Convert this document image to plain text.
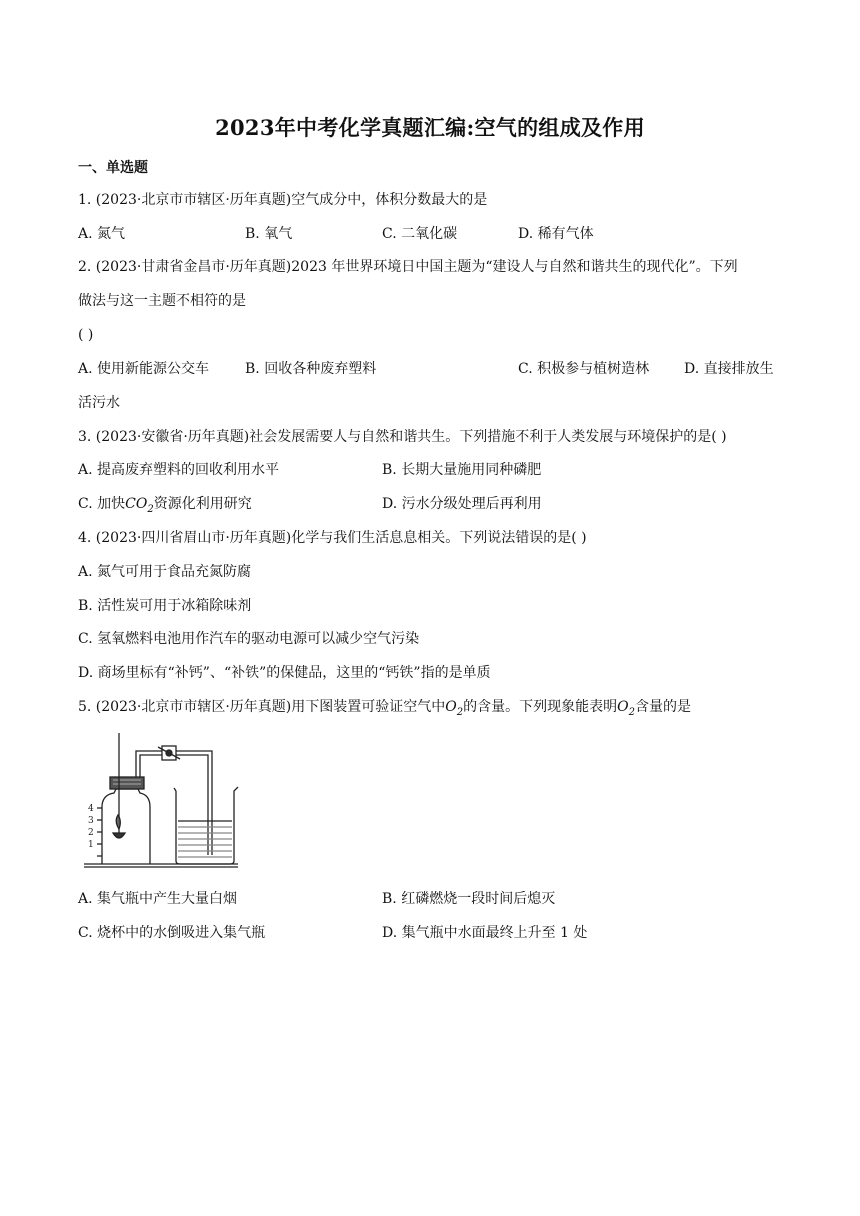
2023年中考化学真题汇编:空气的组成及作用
一、单选题
1. (2023·北京市市辖区·历年真题)空气成分中，体积分数最大的是
A. 氮气	B. 氧气	C. 二氧化碳	D. 稀有气体
2. (2023·甘肃省金昌市·历年真题)2023 年世界环境日中国主题为“建设人与自然和谐共生的现代化”。下列
做法与这一主题不相符的是
( )
A. 使用新能源公交车	B. 回收各种废弃塑料	C. 积极参与植树造林 D. 直接排放生
活污水
3. (2023·安徽省·历年真题)社会发展需要人与自然和谐共生。下列措施不利于人类发展与环境保护的是( )
A. 提高废弃塑料的回收利用水平	B. 长期大量施用同种磷肥
C. 加快$CO_2$资源化利用研究	D. 污水分级处理后再利用
4. (2023·四川省眉山市·历年真题)化学与我们生活息息相关。下列说法错误的是( )
A. 氮气可用于食品充氮防腐
B. 活性炭可用于冰箱除味剂
C. 氢氧燃料电池用作汽车的驱动电源可以减少空气污染
D. 商场里标有“补钙”、“补铁”的保健品，这里的“钙铁”指的是单质
5. (2023·北京市市辖区·历年真题)用下图装置可验证空气中$O_2$的含量。下列现象能表明$O_2$含量的是
4
3
2
1
A. 集气瓶中产生大量白烟	B. 红磷燃烧一段时间后熄灭
C. 烧杯中的水倒吸进入集气瓶	D. 集气瓶中水面最终上升至 1 处
